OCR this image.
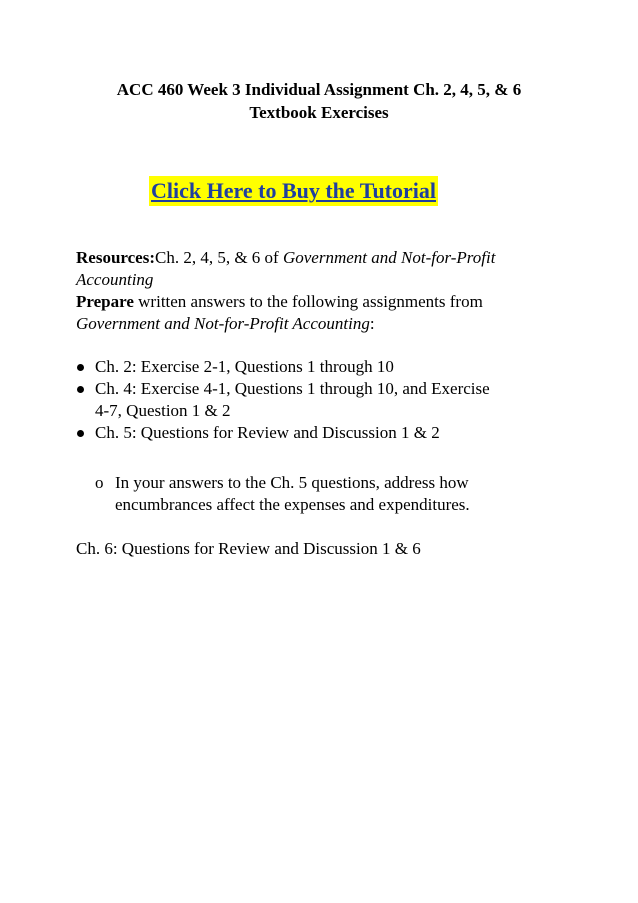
ACC 460 Week 3 Individual Assignment Ch. 2, 4, 5, & 6
Textbook Exercises
Click Here to Buy the Tutorial
Resources:Ch. 2, 4, 5, & 6 of Government and Not-for-Profit
Accounting
Prepare written answers to the following assignments from
Government and Not-for-Profit Accounting:
Ch. 2: Exercise 2-1, Questions 1 through 10
Ch. 4: Exercise 4-1, Questions 1 through 10, and Exercise
4-7, Question 1 & 2
Ch. 5: Questions for Review and Discussion 1 & 2
o In your answers to the Ch. 5 questions, address how
encumbrances affect the expenses and expenditures.
Ch. 6: Questions for Review and Discussion 1 & 6
